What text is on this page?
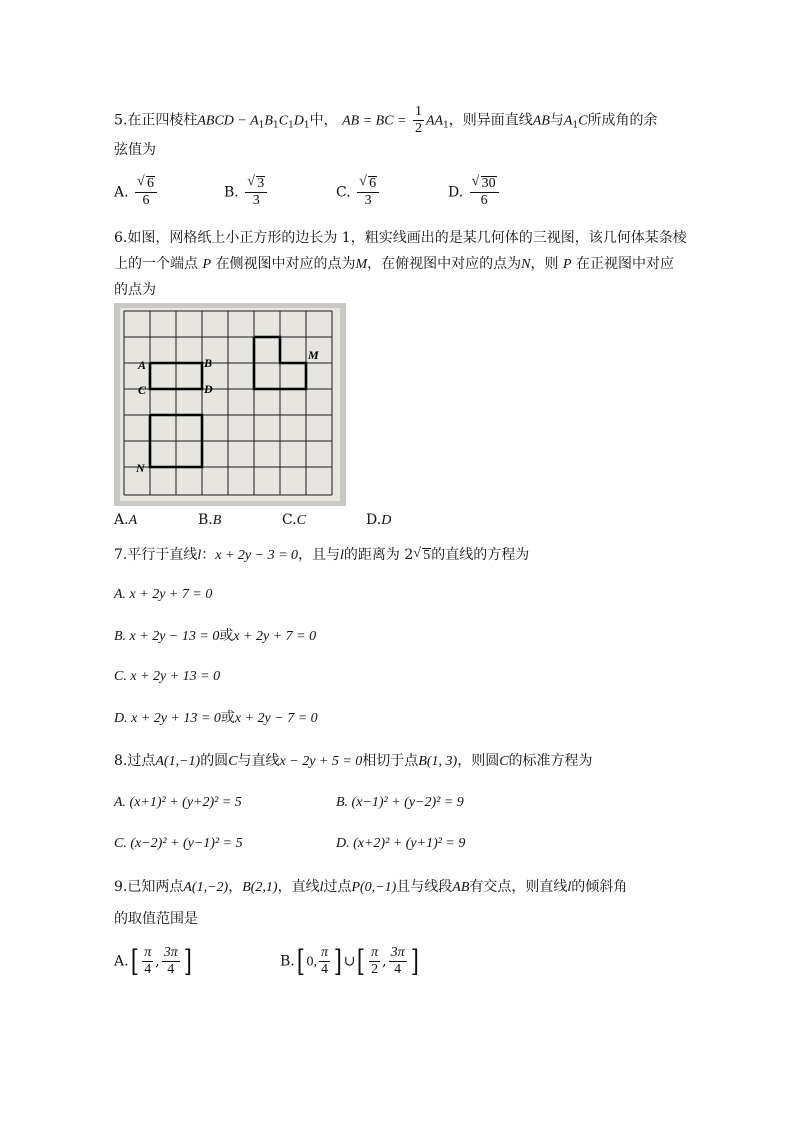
5.在正四棱柱ABCD − $A_1B_1C_1D_1$中， AB = BC = $\frac{1}{2} AA_1$，则异面直线AB与$A_1C$所成角的余
弦值为
A. √ $\frac{6}{6}$	B. √ $\frac{3}{3}$	C. √ $\frac{6}{3}$	D. √ $\frac{30}{6}$
6.如图，网格纸上小正方形的边长为 1，粗实线画出的是某几何体的三视图，该几何体某条棱
上的一个端点 P 在侧视图中对应的点为M，在俯视图中对应的点为N，则 P 在正视图中对应
的点为
A	B
C	D
M
N
A.A	B.B	C.C	D.D
7.平行于直线l：x + 2y − 3 = 0，且与l的距离为 2 √ 5的直线的方程为
A. x + 2y + 7 = 0
B. x + 2y − 13 = 0或x + 2y + 7 = 0
C. x + 2y + 13 = 0
D. x + 2y + 13 = 0或x + 2y − 7 = 0
8.过点A(1,−1)的圆C与直线x − 2y + 5 = 0相切于点B(1, 3)，则圆C的标准方程为
A. (x+1)² + (y+2)² = 5	B. (x−1)² + (y−2)² = 9
C. (x−2)² + (y−1)² = 5	D. (x+2)² + (y+1)² = 9
9.已知两点A(1,−2)，B(2,1)，直线l过点P(0,−1)且与线段AB有交点，则直线l的倾斜角
的取值范围是
$A.[ \frac{\pi}{4}$ , $\frac{3\pi}{4}$ ]	B.[ 0, $\frac{\pi}{4}$ ] ∪[ $\frac{\pi}{2}$ , $\frac{3\pi}{4}$ ]
